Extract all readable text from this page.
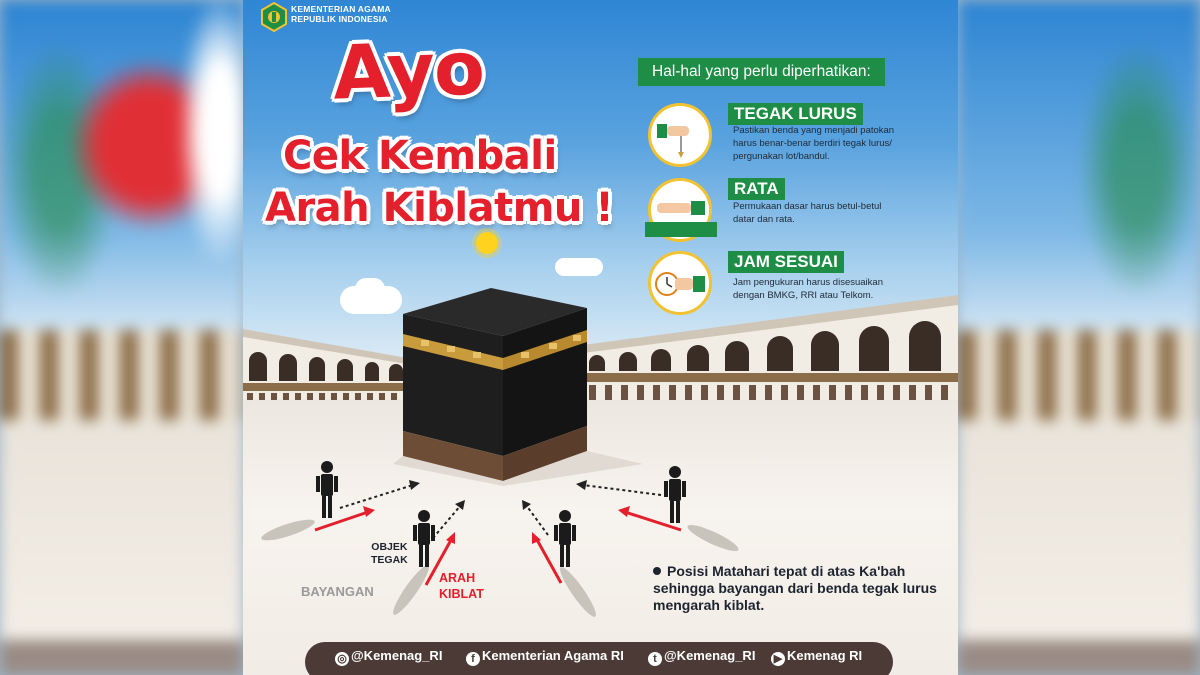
KEMENTERIAN AGAMA
REPUBLIK INDONESIA
Ayo
Cek Kembali
Arah Kiblatmu !
Hal-hal yang perlu diperhatikan:
TEGAK LURUS
Pastikan benda yang menjadi patokan harus benar-benar berdiri tegak lurus/ pergunakan lot/bandul.
RATA
Permukaan dasar harus betul-betul datar dan rata.
JAM SESUAI
Jam pengukuran harus disesuaikan dengan BMKG, RRI atau Telkom.
OBJEK
TEGAK
BAYANGAN
ARAH
KIBLAT
Posisi Matahari tepat di atas Ka'bah sehingga bayangan dari benda tegak lurus mengarah kiblat.
◎ @Kemenag_RI	f Kementerian Agama RI	t @Kemenag_RI ▶ Kemenag RI
